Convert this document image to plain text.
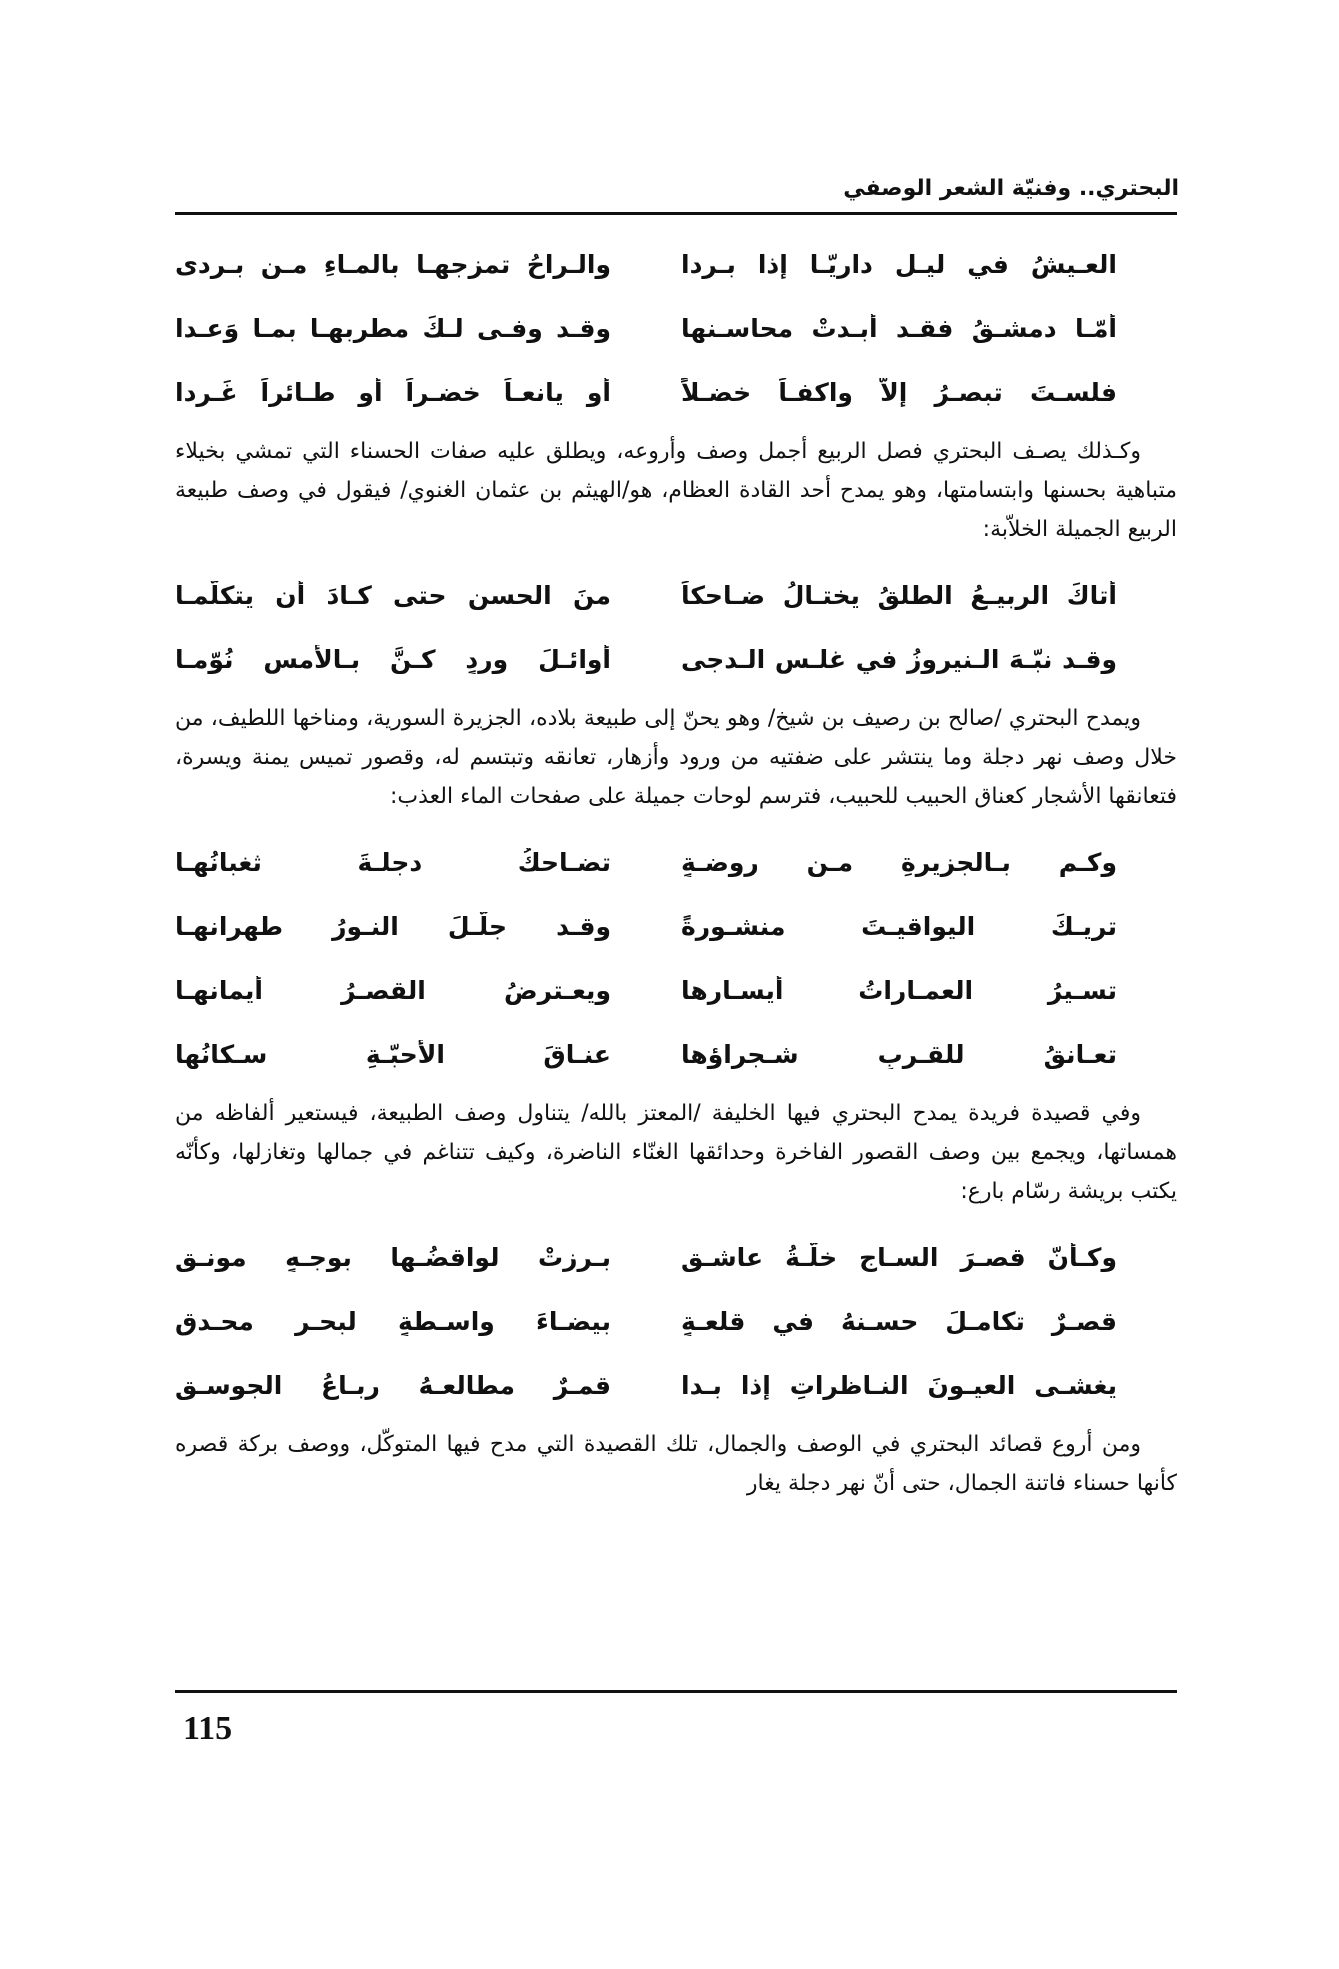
البحتري.. وفنيّة الشعر الوصفي
العـيشُ في ليـل داريّـا إذا بـردا
والـراحُ تمزجهـا بالمـاءِ مـن بـردى
أمّـا دمشـقُ فقـد أبـدتْ محاسـنها
وقـد وفـى لـكَ مطربهـا بمـا وَعـدا
فلسـتَ تبصـرُ إلاّ واكفـاً خضـلاً
أو يانعـاً خضـراً أو طـائراً غَـرِدا

وكـذلك يصـف البحتري فصل الربيع أجمل وصف وأروعه، ويطلق عليه صفات الحسناء التي تمشي بخيلاء متباهية بحسنها وابتسامتها، وهو يمدح أحد القادة العظام، هو/الهيثم بن عثمان الغنوي/ فيقول في وصف طبيعة الربيع الجميلة الخلاّبة:

أتاكَ الربيـعُ الطلقُ يختـالُ ضـاحكاً
منَ الحسنِ حتى كـادَ أن يتكلّمـا
وقـد نبّـهَ الـنيروزُ في غلـسِ الـدجى
أوائـلَ وردٍ كـنَّ بـالأمسِ نُوّمـا

ويمدح البحتري /صالح بن رصيف بن شيخ/ وهو يحنّ إلى طبيعة بلاده، الجزيرة السورية، ومناخها اللطيف، من خلال وصف نهر دجلة وما ينتشر على ضفتيه من ورود وأزهار، تعانقه وتبتسم له، وقصور تميس يمنة ويسرة، فتعانقها الأشجار كعناق الحبيب للحبيب، فترسم لوحات جميلة على صفحات الماء العذب:

وكـم بـالجزيرةِ مـن روضـةٍ
تضـاحكُ دجلـةَ ثغبانُهـا
تريـكَ اليواقيـتَ منشـورةً
وقـد جلّـلَ النـورُ طهرانهـا
تسـيرُ العمـاراتُ أيسـارها
ويعـترضُ القصـرُ أيمانهـا
تعـانقُ للقـربِ شـجراؤها
عنـاقَ الأحبّـةِ سـكانُها

وفي قصيدة فريدة يمدح البحتري فيها الخليفة /المعتز بالله/ يتناول وصف الطبيعة، فيستعير ألفاظه من همساتها، ويجمع بين وصف القصور الفاخرة وحدائقها الغنّاء الناضرة، وكيف تتناغم في جمالها وتغازلها، وكأنّه يكتب بريشة رسّام بارع:

وكـأنّ قصـرَ السـاجِ خلّـةُ عاشـقٍ
بـرزتْ لواقضُـها بوجـهٍ مونـقِ
قصـرٌ تكامـلَ حسـنهُ في قلعـةٍ
بيضـاءَ واسـطةٍ لبحـرٍ محـدقِ
يغشـى العيـونَ النـاظراتِ إذا بـدا
قمـرٌ مطالعـهُ ربـاعُ الجوسـقِ

ومن أروع قصائد البحتري في الوصف والجمال، تلك القصيدة التي مدح فيها المتوكّل، ووصف بركة قصره كأنها حسناء فاتنة الجمال، حتى أنّ نهر دجلة يغار

115
